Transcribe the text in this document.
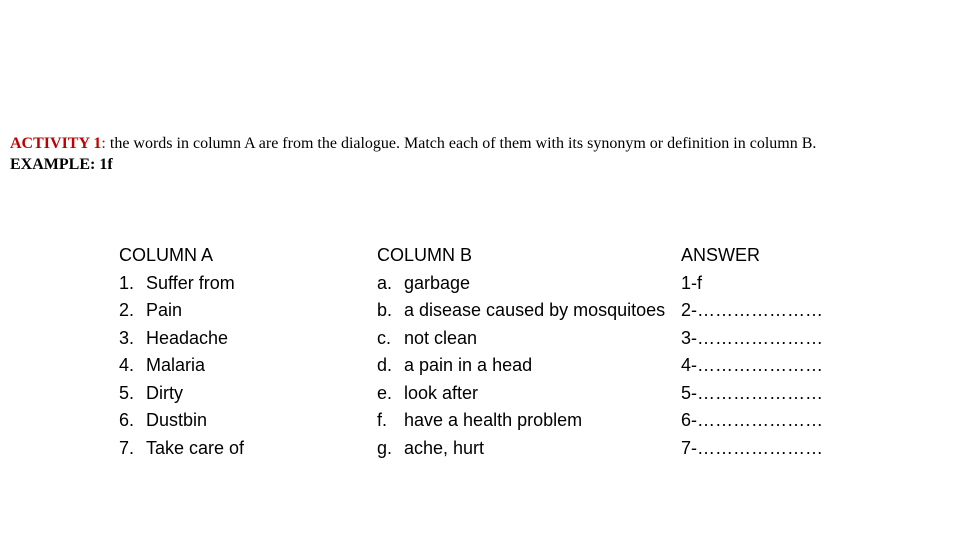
ACTIVITY 1: the words in column A are from the dialogue. Match each of them with its synonym or definition in column B.
EXAMPLE: 1f
COLUMN A
1. Suffer from
2. Pain
3. Headache
4. Malaria
5. Dirty
6. Dustbin
7. Take care of
COLUMN B
a. garbage
b. a disease caused by mosquitoes
c. not clean
d. a pain in a head
e. look after
f. have a health problem
g. ache, hurt
ANSWER
1-f
2-…………………
3-…………………
4-…………………
5-…………………
6-…………………
7-…………………
